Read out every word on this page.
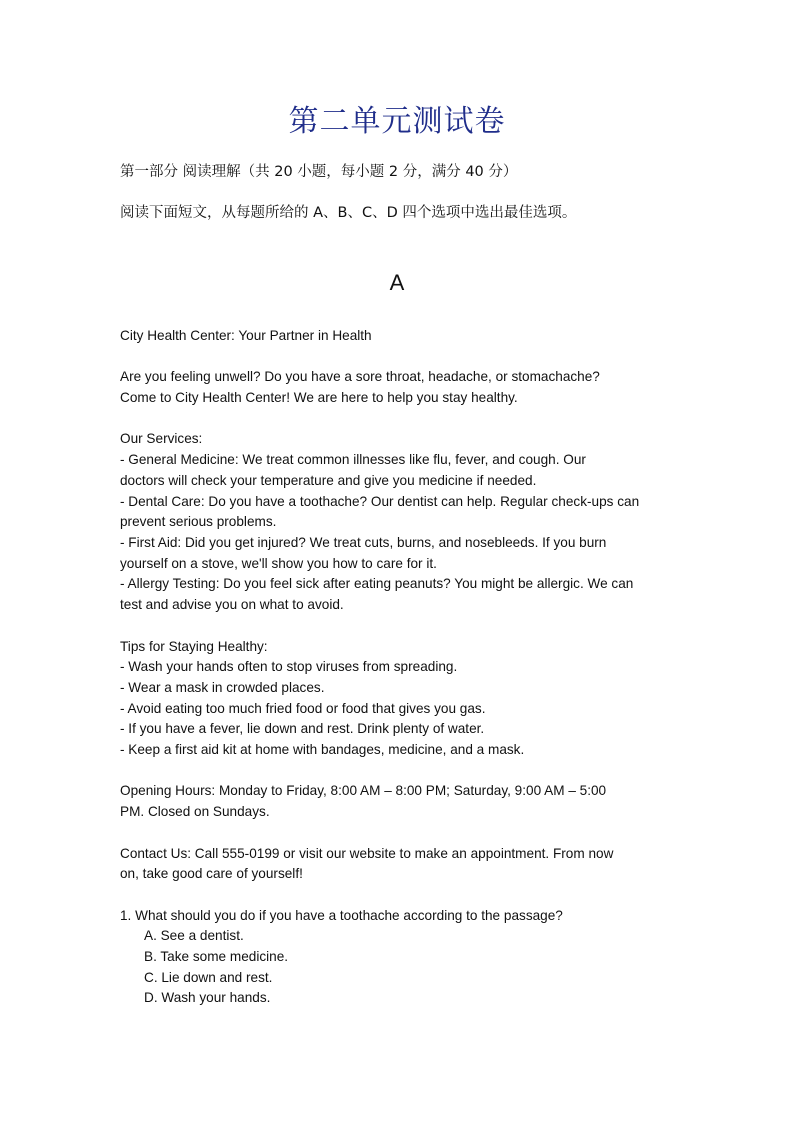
第二单元测试卷
第一部分 阅读理解（共 20 小题，每小题 2 分，满分 40 分）
阅读下面短文，从每题所给的 A、B、C、D 四个选项中选出最佳选项。
A

City Health Center: Your Partner in Health

Are you feeling unwell? Do you have a sore throat, headache, or stomachache?

Come to City Health Center! We are here to help you stay healthy.

Our Services:

- General Medicine: We treat common illnesses like flu, fever, and cough. Our

doctors will check your temperature and give you medicine if needed.

- Dental Care: Do you have a toothache? Our dentist can help. Regular check-ups can

prevent serious problems.

- First Aid: Did you get injured? We treat cuts, burns, and nosebleeds. If you burn

yourself on a stove, we'll show you how to care for it.

- Allergy Testing: Do you feel sick after eating peanuts? You might be allergic. We can

test and advise you on what to avoid.

Tips for Staying Healthy:

- Wash your hands often to stop viruses from spreading.

- Wear a mask in crowded places.

- Avoid eating too much fried food or food that gives you gas.

- If you have a fever, lie down and rest. Drink plenty of water.

- Keep a first aid kit at home with bandages, medicine, and a mask.

Opening Hours: Monday to Friday, 8:00 AM – 8:00 PM; Saturday, 9:00 AM – 5:00

PM. Closed on Sundays.

Contact Us: Call 555-0199 or visit our website to make an appointment. From now

on, take good care of yourself!

1. What should you do if you have a toothache according to the passage?

A. See a dentist.

B. Take some medicine.

C. Lie down and rest.

D. Wash your hands.
